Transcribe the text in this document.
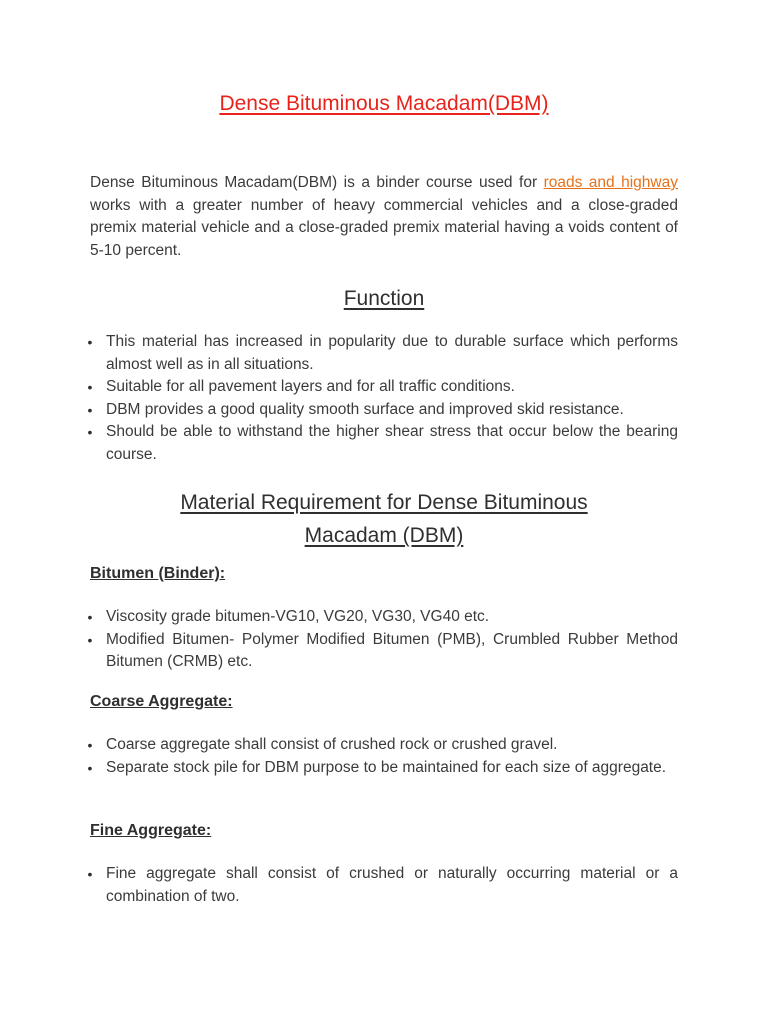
Dense Bituminous Macadam(DBM)

Dense Bituminous Macadam(DBM) is a binder course used for roads and highway works with a greater number of heavy commercial vehicles and a close-graded premix material vehicle and a close-graded premix material having a voids content of 5-10 percent.

Function
• This material has increased in popularity due to durable surface which performs almost well as in all situations.
• Suitable for all pavement layers and for all traffic conditions.
• DBM provides a good quality smooth surface and improved skid resistance.
• Should be able to withstand the higher shear stress that occur below the bearing course.
Material Requirement for Dense Bituminous Macadam (DBM)
Bitumen (Binder):
• Viscosity grade bitumen-VG10, VG20, VG30, VG40 etc.
• Modified Bitumen- Polymer Modified Bitumen (PMB), Crumbled Rubber Method Bitumen (CRMB) etc.
Coarse Aggregate:
• Coarse aggregate shall consist of crushed rock or crushed gravel.
• Separate stock pile for DBM purpose to be maintained for each size of aggregate.
Fine Aggregate:
• Fine aggregate shall consist of crushed or naturally occurring material or a combination of two.
